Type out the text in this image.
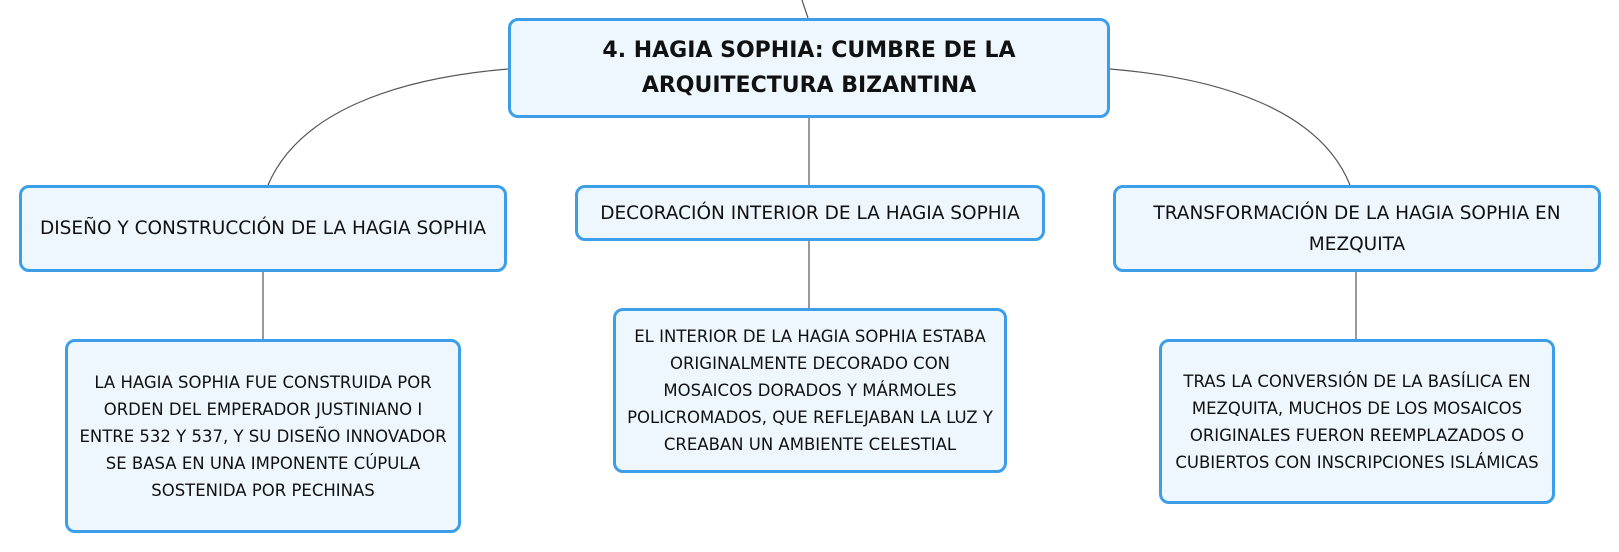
4. HAGIA SOPHIA: CUMBRE DE LA ARQUITECTURA BIZANTINA
DISEÑO Y CONSTRUCCIÓN DE LA HAGIA SOPHIA
DECORACIÓN INTERIOR DE LA HAGIA SOPHIA	TRANSFORMACIÓN DE LA HAGIA SOPHIA EN MEZQUITA
LA HAGIA SOPHIA FUE CONSTRUIDA POR ORDEN DEL EMPERADOR JUSTINIANO I ENTRE 532 Y 537, Y SU DISEÑO INNOVADOR SE BASA EN UNA IMPONENTE CÚPULA SOSTENIDA POR PECHINAS
EL INTERIOR DE LA HAGIA SOPHIA ESTABA ORIGINALMENTE DECORADO CON MOSAICOS DORADOS Y MÁRMOLES POLICROMADOS, QUE REFLEJABAN LA LUZ Y CREABAN UN AMBIENTE CELESTIAL
TRAS LA CONVERSIÓN DE LA BASÍLICA EN MEZQUITA, MUCHOS DE LOS MOSAICOS ORIGINALES FUERON REEMPLAZADOS O CUBIERTOS CON INSCRIPCIONES ISLÁMICAS
